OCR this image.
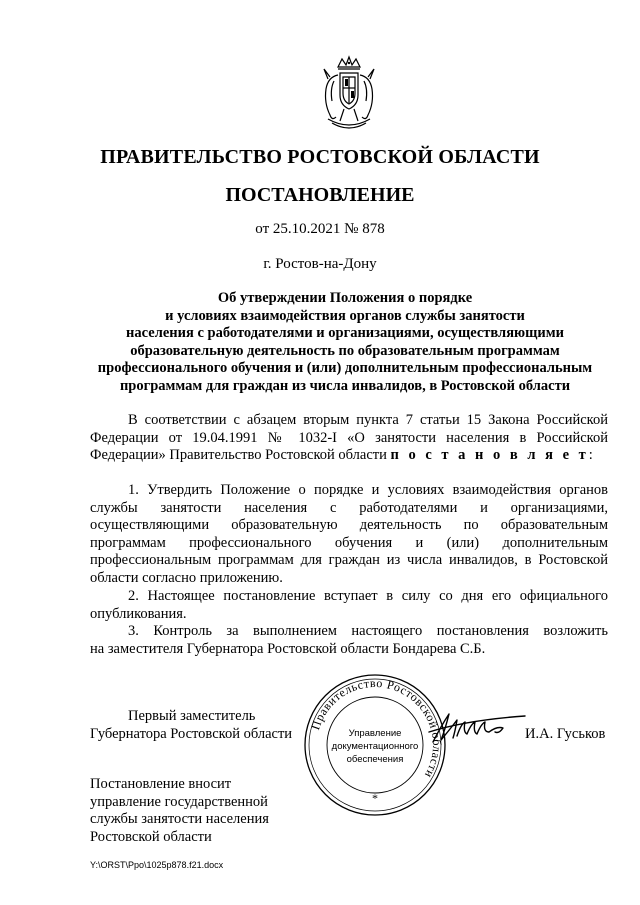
ПРАВИТЕЛЬСТВО РОСТОВСКОЙ ОБЛАСТИ
ПОСТАНОВЛЕНИЕ
от 25.10.2021 № 878
г. Ростов-на-Дону
Об утверждении Положения о порядке
и условиях взаимодействия органов службы занятости
населения с работодателями и организациями, осуществляющими
образовательную деятельность по образовательным программам
профессионального обучения и (или) дополнительным профессиональным
программам для граждан из числа инвалидов, в Ростовской области
В соответствии с абзацем вторым пункта 7 статьи 15 Закона Российской
Федерации от 19.04.1991 № 1032-I «О занятости населения в Российской
Федерации» Правительство Ростовской области п о с т а н о в л я е т:
1. Утвердить Положение о порядке и условиях взаимодействия органов
службы занятости населения с работодателями и организациями,
осуществляющими образовательную деятельность по образовательным
программам профессионального обучения и (или) дополнительным
профессиональным программам для граждан из числа инвалидов, в Ростовской
области согласно приложению.
2. Настоящее постановление вступает в силу со дня его официального
опубликования.
3. Контроль за выполнением настоящего постановления возложить
на заместителя Губернатора Ростовской области Бондарева С.Б.
Первый заместитель
Губернатора Ростовской области	И.А. Гуськов
Правительство Ростовской области
Управление
документационного
обеспечения
*
Постановление вносит
управление государственной
службы занятости населения
Ростовской области
Y:\ORST\Ppo\1025p878.f21.docx
